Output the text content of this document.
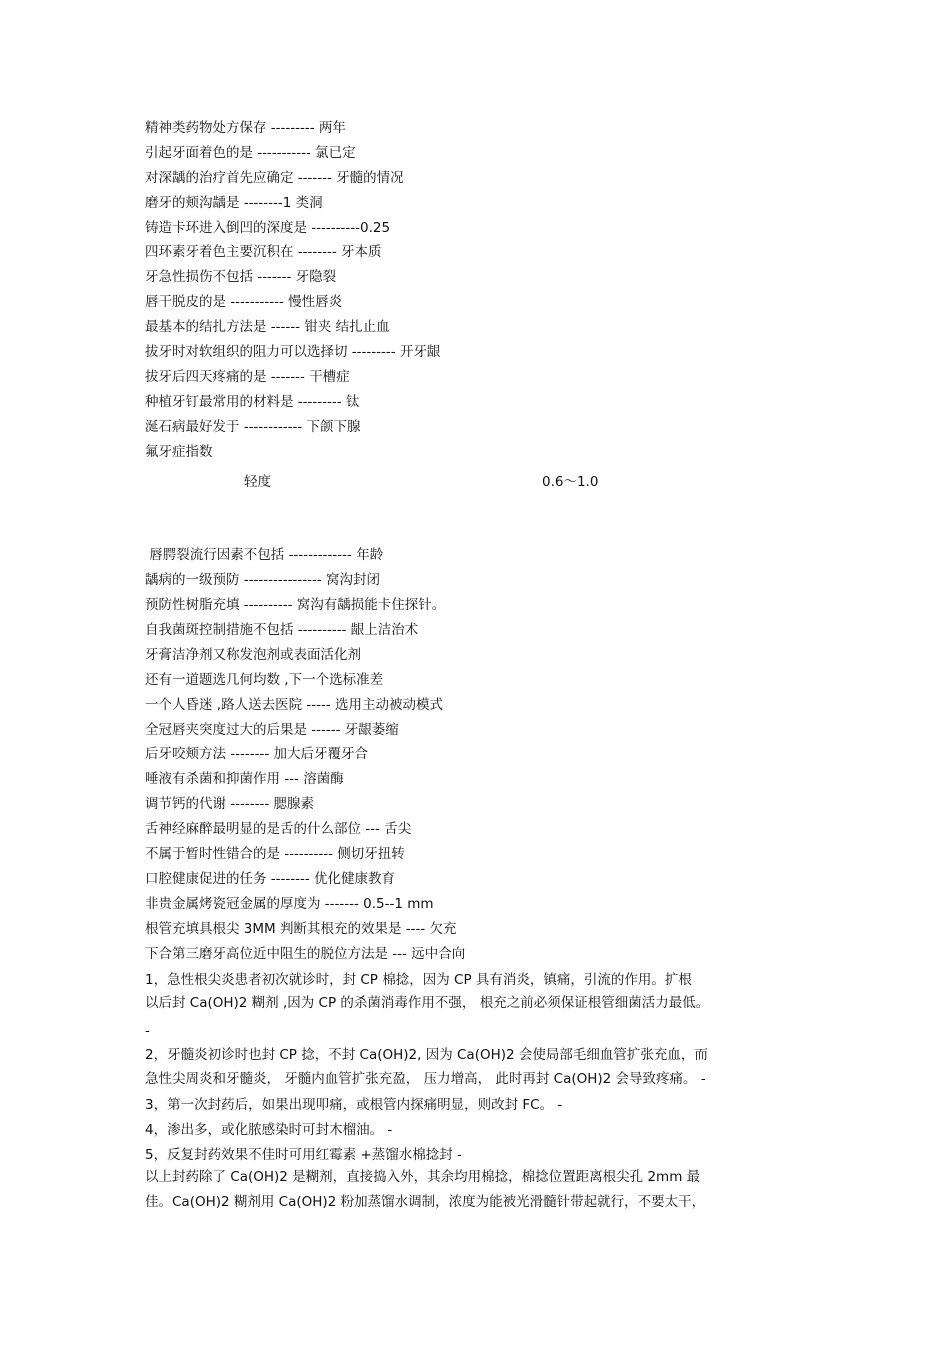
精神类药物处方保存 --------- 两年
引起牙面着色的是 ----------- 氯已定
对深龋的治疗首先应确定 ------- 牙髓的情况
磨牙的颊沟龋是 --------1 类洞
铸造卡环进入倒凹的深度是 ----------0.25
四环素牙着色主要沉积在 -------- 牙本质
牙急性损伤不包括 ------- 牙隐裂
唇干脱皮的是 ----------- 慢性唇炎
最基本的结扎方法是 ------ 钳夹 结扎止血
拔牙时对软组织的阻力可以选择切 --------- 开牙龈
拔牙后四天疼痛的是 ------- 干槽症
种植牙钉最常用的材料是 --------- 钛
涎石病最好发于 ------------ 下颌下腺
氟牙症指数
轻度	0.6～1.0
唇腭裂流行因素不包括 ------------- 年龄
龋病的一级预防 ---------------- 窝沟封闭
预防性树脂充填 ---------- 窝沟有龋损能卡住探针。
自我菌斑控制措施不包括 ---------- 龈上洁治术
牙膏洁净剂又称发泡剂或表面活化剂
还有一道题选几何均数 ,下一个选标准差
一个人昏迷 ,路人送去医院 ----- 选用主动被动模式
全冠唇夹突度过大的后果是 ------ 牙龈萎缩
后牙咬颊方法 -------- 加大后牙覆牙合
唾液有杀菌和抑菌作用 --- 溶菌酶
调节钙的代谢 -------- 腮腺素
舌神经麻醉最明显的是舌的什么部位 --- 舌尖
不属于暂时性错合的是 ---------- 侧切牙扭转
口腔健康促进的任务 -------- 优化健康教育
非贵金属烤瓷冠金属的厚度为 ------- 0.5--1 mm
根管充填具根尖 3MM 判断其根充的效果是 ---- 欠充
下合第三磨牙高位近中阻生的脱位方法是 --- 远中合向
1，急性根尖炎患者初次就诊时，封 CP 棉捻，因为 CP 具有消炎，镇痛，引流的作用。扩根
以后封 Ca(OH)2 糊剂 ,因为 CP 的杀菌消毒作用不强， 根充之前必须保证根管细菌活力最低。
-
2，牙髓炎初诊时也封 CP 捻，不封 Ca(OH)2, 因为 Ca(OH)2 会使局部毛细血管扩张充血，而
急性尖周炎和牙髓炎， 牙髓内血管扩张充盈， 压力增高， 此时再封 Ca(OH)2 会导致疼痛。 -
3，第一次封药后，如果出现叩痛，或根管内探痛明显，则改封 FC。 -
4，渗出多，或化脓感染时可封木榴油。 -
5，反复封药效果不佳时可用红霉素 +蒸馏水棉捻封 -
以上封药除了 Ca(OH)2 是糊剂，直接捣入外，其余均用棉捻，棉捻位置距离根尖孔 2mm 最
佳。Ca(OH)2 糊剂用 Ca(OH)2 粉加蒸馏水调制，浓度为能被光滑髓针带起就行，不要太干，
